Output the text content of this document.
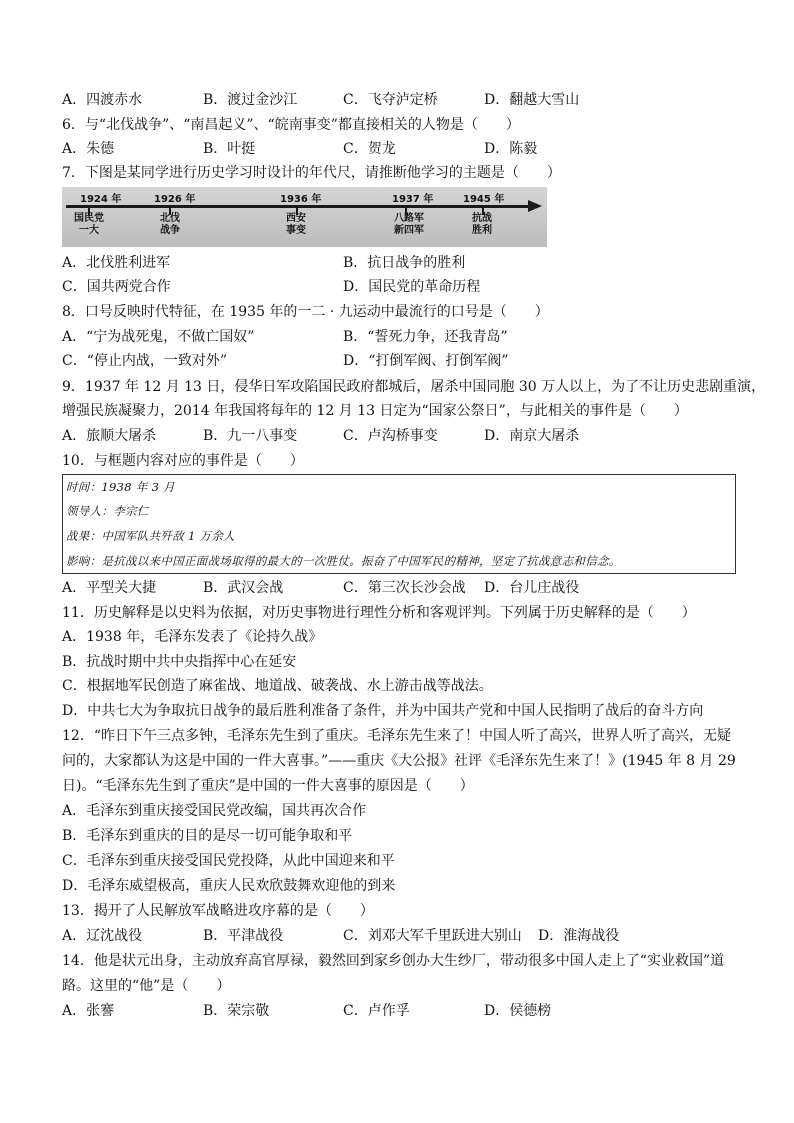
A．四渡赤水	B．渡过金沙江	C．飞夺泸定桥	D．翻越大雪山
6．与“北伐战争”、“南昌起义”、“皖南事变”都直接相关的人物是（　　）
A．朱德	B．叶挺	C．贺龙	D．陈毅
7．下图是某同学进行历史学习时设计的年代尺，请推断他学习的主题是（　　）
1924 年	1926 年	1936 年	1937 年	1945 年
国民党
一大
北伐
战争
西安
事变
八路军
新四军
抗战
胜利
A．北伐胜利进军	B．抗日战争的胜利
C．国共两党合作	D．国民党的革命历程
8．口号反映时代特征，在 1935 年的一二 · 九运动中最流行的口号是（　　）
A．“宁为战死鬼，不做亡国奴”	B．“誓死力争，还我青岛”
C．“停止内战，一致对外”	D．“打倒军阀、打倒军阀”
9．1937 年 12 月 13 日，侵华日军攻陷国民政府都城后，屠杀中国同胞 30 万人以上，为了不让历史悲剧重演，
增强民族凝聚力，2014 年我国将每年的 12 月 13 日定为“国家公祭日”，与此相关的事件是（　　）
A．旅顺大屠杀	B．九一八事变	C．卢沟桥事变	D．南京大屠杀
10．与框题内容对应的事件是（　　）
时间：1938 年 3 月
领导人：李宗仁
战果：中国军队共歼敌 1 万余人
影响：是抗战以来中国正面战场取得的最大的一次胜仗。振奋了中国军民的精神，坚定了抗战意志和信念。
A．平型关大捷	B．武汉会战	C．第三次长沙会战 D．台儿庄战役
11．历史解释是以史料为依据，对历史事物进行理性分析和客观评判。下列属于历史解释的是（　　）
A．1938 年，毛泽东发表了《论持久战》
B．抗战时期中共中央指挥中心在延安
C．根据地军民创造了麻雀战、地道战、破袭战、水上游击战等战法。
D．中共七大为争取抗日战争的最后胜利准备了条件，并为中国共产党和中国人民指明了战后的奋斗方向
12．“昨日下午三点多钟，毛泽东先生到了重庆。毛泽东先生来了！中国人听了高兴，世界人听了高兴，无疑
问的，大家都认为这是中国的一件大喜事。”——重庆《大公报》社评《毛泽东先生来了！》(1945 年 8 月 29
日)。“毛泽东先生到了重庆”是中国的一件大喜事的原因是（　　）
A．毛泽东到重庆接受国民党改编，国共再次合作
B．毛泽东到重庆的目的是尽一切可能争取和平
C．毛泽东到重庆接受国民党投降，从此中国迎来和平
D．毛泽东威望极高，重庆人民欢欣鼓舞欢迎他的到来
13．揭开了人民解放军战略进攻序幕的是（　　）
A．辽沈战役	B．平津战役	C．刘邓大军千里跃进大别山 D．淮海战役
14．他是状元出身，主动放弃高官厚禄，毅然回到家乡创办大生纱厂，带动很多中国人走上了“实业救国”道
路。这里的“他”是（　　）
A．张謇	B．荣宗敬	C．卢作孚	D．侯德榜
